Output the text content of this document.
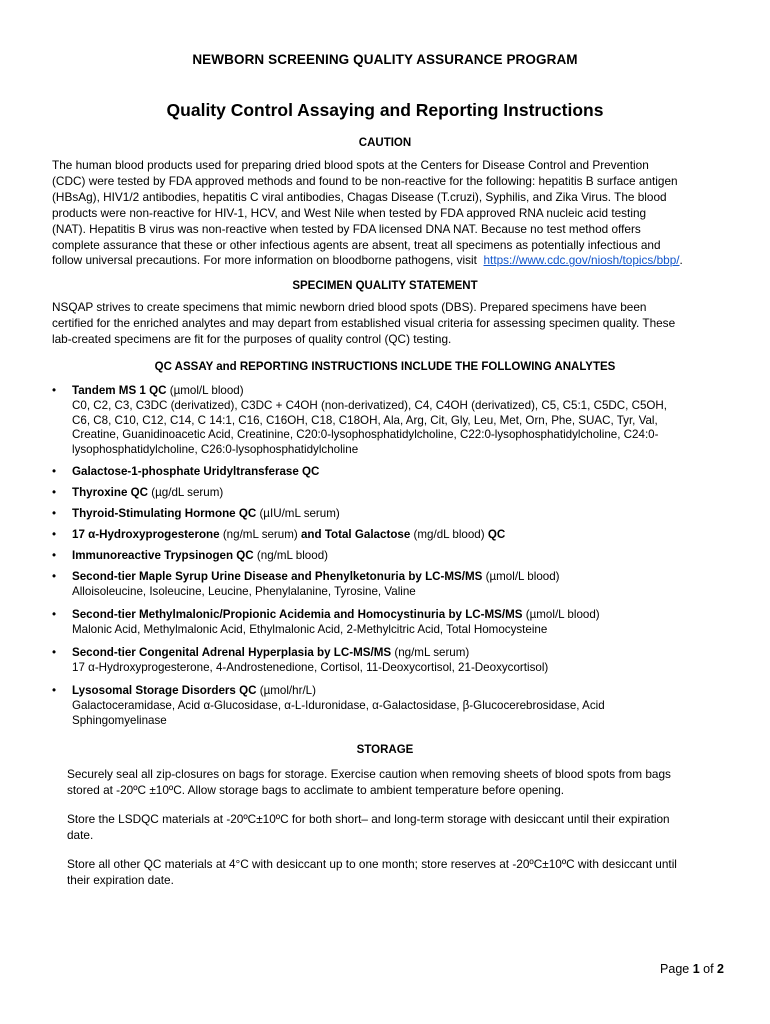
NEWBORN SCREENING QUALITY ASSURANCE PROGRAM
Quality Control Assaying and Reporting Instructions
CAUTION
The human blood products used for preparing dried blood spots at the Centers for Disease Control and Prevention
(CDC) were tested by FDA approved methods and found to be non-reactive for the following: hepatitis B surface antigen
(HBsAg), HIV1/2 antibodies, hepatitis C viral antibodies, Chagas Disease (T.cruzi), Syphilis, and Zika Virus. The blood
products were non-reactive for HIV-1, HCV, and West Nile when tested by FDA approved RNA nucleic acid testing
(NAT). Hepatitis B virus was non-reactive when tested by FDA licensed DNA NAT. Because no test method offers
complete assurance that these or other infectious agents are absent, treat all specimens as potentially infectious and
follow universal precautions. For more information on bloodborne pathogens, visit  https://www.cdc.gov/niosh/topics/bbp/.
SPECIMEN QUALITY STATEMENT
NSQAP strives to create specimens that mimic newborn dried blood spots (DBS). Prepared specimens have been
certified for the enriched analytes and may depart from established visual criteria for assessing specimen quality. These
lab-created specimens are fit for the purposes of quality control (QC) testing.
QC ASSAY and REPORTING INSTRUCTIONS INCLUDE THE FOLLOWING ANALYTES
• Tandem MS 1 QC (µmol/L blood)
C0, C2, C3, C3DC (derivatized), C3DC + C4OH (non-derivatized), C4, C4OH (derivatized), C5, C5:1, C5DC, C5OH,
C6, C8, C10, C12, C14, C 14:1, C16, C16OH, C18, C18OH, Ala, Arg, Cit, Gly, Leu, Met, Orn, Phe, SUAC, Tyr, Val,
Creatine, Guanidinoacetic Acid, Creatinine, C20:0-lysophosphatidylcholine, C22:0-lysophosphatidylcholine, C24:0-
lysophosphatidylcholine, C26:0-lysophosphatidylcholine
• Galactose-1-phosphate Uridyltransferase QC
• Thyroxine QC (µg/dL serum)
• Thyroid-Stimulating Hormone QC (µIU/mL serum)
• 17 α-Hydroxyprogesterone (ng/mL serum) and Total Galactose (mg/dL blood) QC
• Immunoreactive Trypsinogen QC (ng/mL blood)
• Second-tier Maple Syrup Urine Disease and Phenylketonuria by LC-MS/MS (µmol/L blood)
Alloisoleucine, Isoleucine, Leucine, Phenylalanine, Tyrosine, Valine
• Second-tier Methylmalonic/Propionic Acidemia and Homocystinuria by LC-MS/MS (µmol/L blood)
Malonic Acid, Methylmalonic Acid, Ethylmalonic Acid, 2-Methylcitric Acid, Total Homocysteine
• Second-tier Congenital Adrenal Hyperplasia by LC-MS/MS (ng/mL serum)
17 α-Hydroxyprogesterone, 4-Androstenedione, Cortisol, 11-Deoxycortisol, 21-Deoxycortisol)
• Lysosomal Storage Disorders QC (µmol/hr/L)
Galactoceramidase, Acid α-Glucosidase, α-L-Iduronidase, α-Galactosidase, β-Glucocerebrosidase, Acid
Sphingomyelinase
STORAGE
Securely seal all zip-closures on bags for storage. Exercise caution when removing sheets of blood spots from bags
stored at -20ºC ±10ºC. Allow storage bags to acclimate to ambient temperature before opening.
Store the LSDQC materials at -20ºC±10ºC for both short– and long-term storage with desiccant until their expiration
date.
Store all other QC materials at 4°C with desiccant up to one month; store reserves at -20ºC±10ºC with desiccant until
their expiration date.
Page 1 of 2
